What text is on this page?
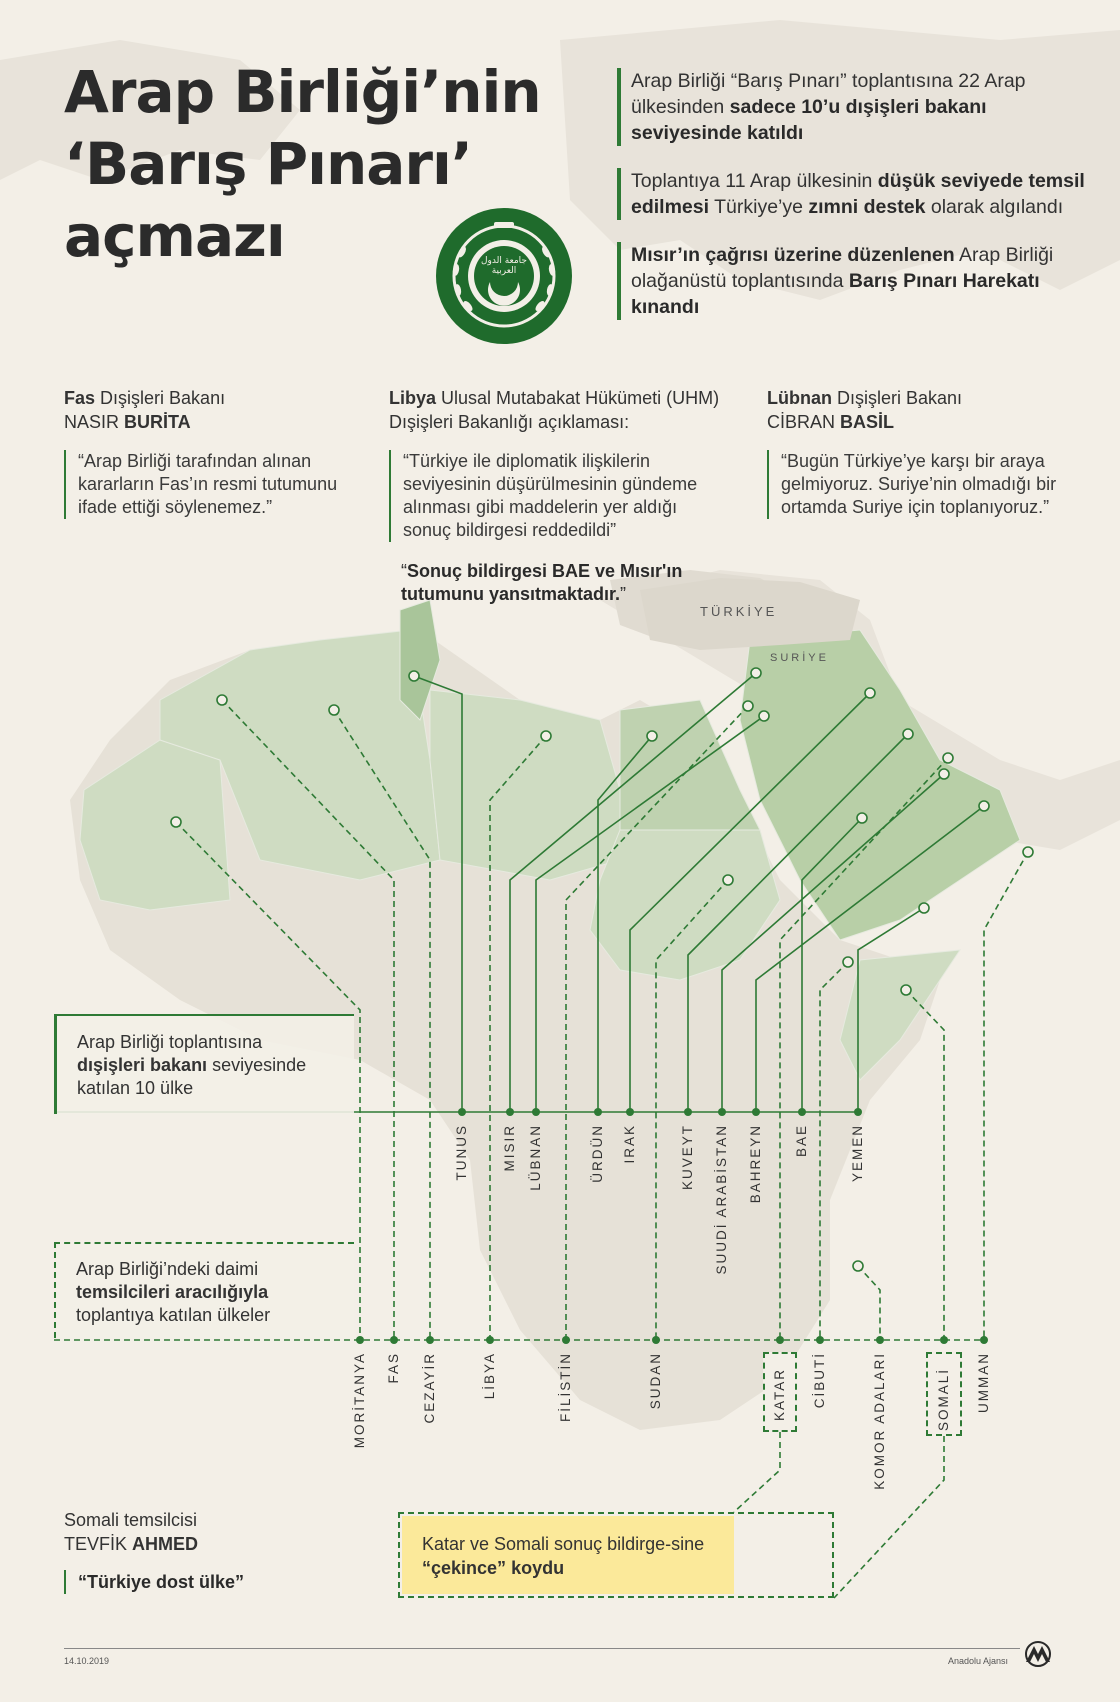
Arap Birliği’nin
‘Barış Pınarı’
açmazı	جامعة الدول العربية
Arap Birliği “Barış Pınarı” toplantısına 22 Arap ülkesinden sadece 10’u dışişleri bakanı seviyesinde katıldı
Toplantıya 11 Arap ülkesinin düşük seviyede temsil edilmesi Türkiye’ye zımni destek olarak algılandı
Mısır’ın çağrısı üzerine düzenlenen Arap Birliği olağanüstü toplantısında Barış Pınarı Harekatı kınandı
Fas Dışişleri Bakanı
NASIR BURİTA
“Arap Birliği tarafından alınan kararların Fas’ın resmi tutumunu ifade ettiği söylenemez.”
Libya Ulusal Mutabakat Hükümeti (UHM) Dışişleri Bakanlığı açıklaması:
“Türkiye ile diplomatik ilişkilerin seviyesinin düşürülmesinin gündeme alınması gibi maddelerin yer aldığı sonuç bildirgesi reddedildi”
“Sonuç bildirgesi BAE ve Mısır'ın tutumunu yansıtmaktadır.”
Lübnan Dışişleri Bakanı
CİBRAN BASİL
“Bugün Türkiye’ye karşı bir araya gelmiyoruz. Suriye’nin olmadığı bir ortamda Suriye için toplanıyoruz.”
TÜRKİYE
SURİYE
Arap Birliği toplantısına dışişleri bakanı seviyesinde katılan 10 ülke
Arap Birliği’ndeki daimi temsilcileri aracılığıyla toplantıya katılan ülkeler
TUNUS MISIR LÜBNAN	ÜRDÜN IRAK	KUVEYT SUUDİ ARABİSTAN BAHREYN BAE	YEMEN
MORİTANYA FAS CEZAYİR	LİBYA	FİLİSTİN	SUDAN	KATAR CİBUTİ	KOMOR ADALARI	SOMALİ UMMAN
Somali temsilcisi
TEVFİK AHMED
“Türkiye dost ülke”
Katar ve Somali sonuç bildirge-sine “çekince” koydu
14.10.2019	Anadolu Ajansı
